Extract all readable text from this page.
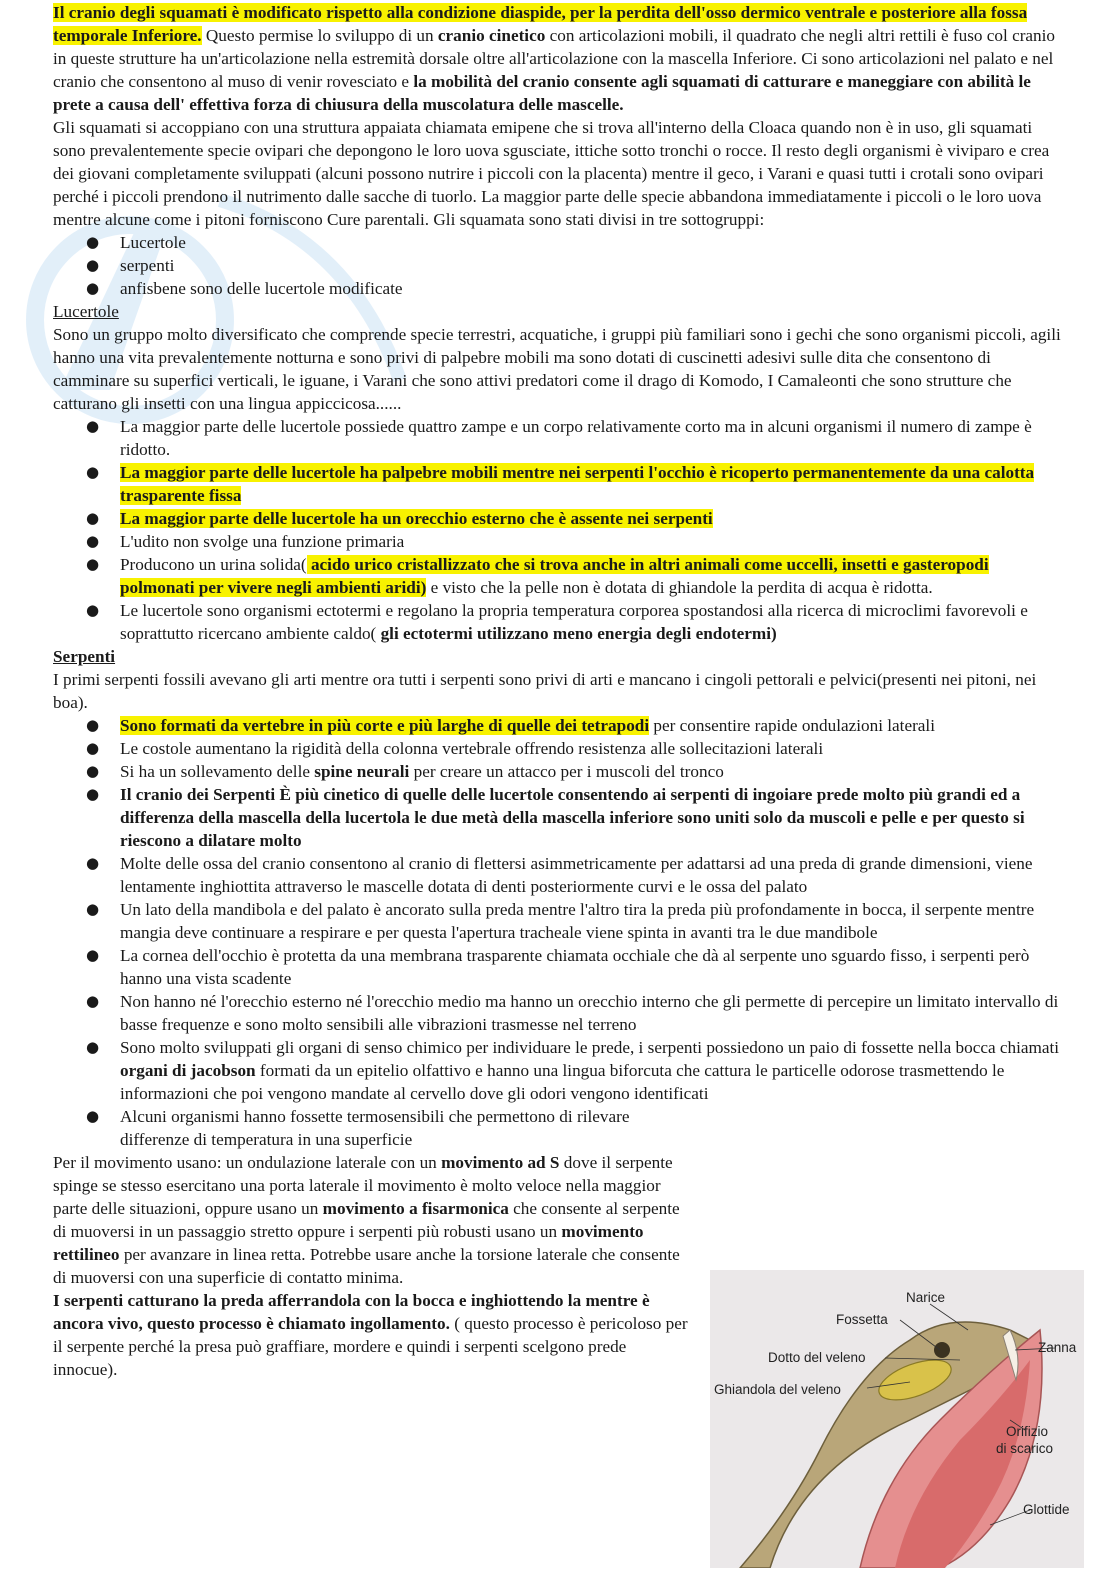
Il cranio degli squamati è modificato rispetto alla condizione diaspide, per la perdita dell'osso dermico ventrale e posteriore alla fossa temporale Inferiore. Questo permise lo sviluppo di un cranio cinetico con articolazioni mobili, il quadrato che negli altri rettili è fuso col cranio in queste strutture ha un'articolazione nella estremità dorsale oltre all'articolazione con la mascella Inferiore. Ci sono articolazioni nel palato e nel cranio che consentono al muso di venir rovesciato e la mobilità del cranio consente agli squamati di catturare e maneggiare con abilità le prete a causa dell' effettiva forza di chiusura della muscolatura delle mascelle.

Gli squamati si accoppiano con una struttura appaiata chiamata emipene che si trova all'interno della Cloaca quando non è in uso, gli squamati sono prevalentemente specie ovipari che depongono le loro uova sgusciate, ittiche sotto tronchi o rocce. Il resto degli organismi è viviparo e crea dei giovani completamente sviluppati (alcuni possono nutrire i piccoli con la placenta) mentre il geco, i Varani e quasi tutti i crotali sono ovipari perché i piccoli prendono il nutrimento dalle sacche di tuorlo. La maggior parte delle specie abbandona immediatamente i piccoli o le loro uova mentre alcune come i pitoni forniscono Cure parentali. Gli squamata sono stati divisi in tre sottogruppi:

● Lucertole
● serpenti
● anfisbene sono delle lucertole modificate

Lucertole

Sono un gruppo molto diversificato che comprende specie terrestri, acquatiche, i gruppi più familiari sono i gechi che sono organismi piccoli, agili hanno una vita prevalentemente notturna e sono privi di palpebre mobili ma sono dotati di cuscinetti adesivi sulle dita che consentono di camminare su superfici verticali, le iguane, i Varani che sono attivi predatori come il drago di Komodo, I Camaleonti che sono strutture che catturano gli insetti con una lingua appiccicosa......

● La maggior parte delle lucertole possiede quattro zampe e un corpo relativamente corto ma in alcuni organismi il numero di zampe è ridotto.
● La maggior parte delle lucertole ha palpebre mobili mentre nei serpenti l'occhio è ricoperto permanentemente da una calotta trasparente fissa
● La maggior parte delle lucertole ha un orecchio esterno che è assente nei serpenti
● L'udito non svolge una funzione primaria
● Producono un urina solida( acido urico cristallizzato che si trova anche in altri animali come uccelli, insetti e gasteropodi polmonati per vivere negli ambienti aridi) e visto che la pelle non è dotata di ghiandole la perdita di acqua è ridotta.
● Le lucertole sono organismi ectotermi e regolano la propria temperatura corporea spostandosi alla ricerca di microclimi favorevoli e soprattutto ricercano ambiente caldo( gli ectotermi utilizzano meno energia degli endotermi)

Serpenti

I primi serpenti fossili avevano gli arti mentre ora tutti i serpenti sono privi di arti e mancano i cingoli pettorali e pelvici(presenti nei pitoni, nei boa).

● Sono formati da vertebre in più corte e più larghe di quelle dei tetrapodi per consentire rapide ondulazioni laterali
● Le costole aumentano la rigidità della colonna vertebrale offrendo resistenza alle sollecitazioni laterali
● Si ha un sollevamento delle spine neurali per creare un attacco per i muscoli del tronco
● Il cranio dei Serpenti È più cinetico di quelle delle lucertole consentendo ai serpenti di ingoiare prede molto più grandi ed a differenza della mascella della lucertola le due metà della mascella inferiore sono uniti solo da muscoli e pelle e per questo si riescono a dilatare molto
● Molte delle ossa del cranio consentono al cranio di flettersi asimmetricamente per adattarsi ad una preda di grande dimensioni, viene lentamente inghiottita attraverso le mascelle dotata di denti posteriormente curvi e le ossa del palato
● Un lato della mandibola e del palato è ancorato sulla preda mentre l'altro tira la preda più profondamente in bocca, il serpente mentre mangia deve continuare a respirare e per questa l'apertura tracheale viene spinta in avanti tra le due mandibole
● La cornea dell'occhio è protetta da una membrana trasparente chiamata occhiale che dà al serpente uno sguardo fisso, i serpenti però hanno una vista scadente
● Non hanno né l'orecchio esterno né l'orecchio medio ma hanno un orecchio interno che gli permette di percepire un limitato intervallo di basse frequenze e sono molto sensibili alle vibrazioni trasmesse nel terreno
● Sono molto sviluppati gli organi di senso chimico per individuare le prede, i serpenti possiedono un paio di fossette nella bocca chiamati organi di jacobson formati da un epitelio olfattivo e hanno una lingua biforcuta che cattura le particelle odorose trasmettendo le informazioni che poi vengono mandate al cervello dove gli odori vengono identificati
● Alcuni organismi hanno fossette termosensibili che permettono di rilevare differenze di temperatura in una superficie

Per il movimento usano: un ondulazione laterale con un movimento ad S dove il serpente spinge se stesso esercitano una porta laterale il movimento è molto veloce nella maggior parte delle situazioni, oppure usano un movimento a fisarmonica che consente al serpente di muoversi in un passaggio stretto oppure i serpenti più robusti usano un movimento rettilineo per avanzare in linea retta. Potrebbe usare anche la torsione laterale che consente di muoversi con una superficie di contatto minima.

I serpenti catturano la preda afferrandola con la bocca e inghiottendo la mentre è ancora vivo, questo processo è chiamato ingollamento. ( questo processo è pericoloso per il serpente perché la presa può graffiare, mordere e quindi i serpenti scelgono prede innocue).

Narice
Fossetta
Zanna
Dotto del veleno
Ghiandola del veleno
Orifizio
di scarico
Glottide
